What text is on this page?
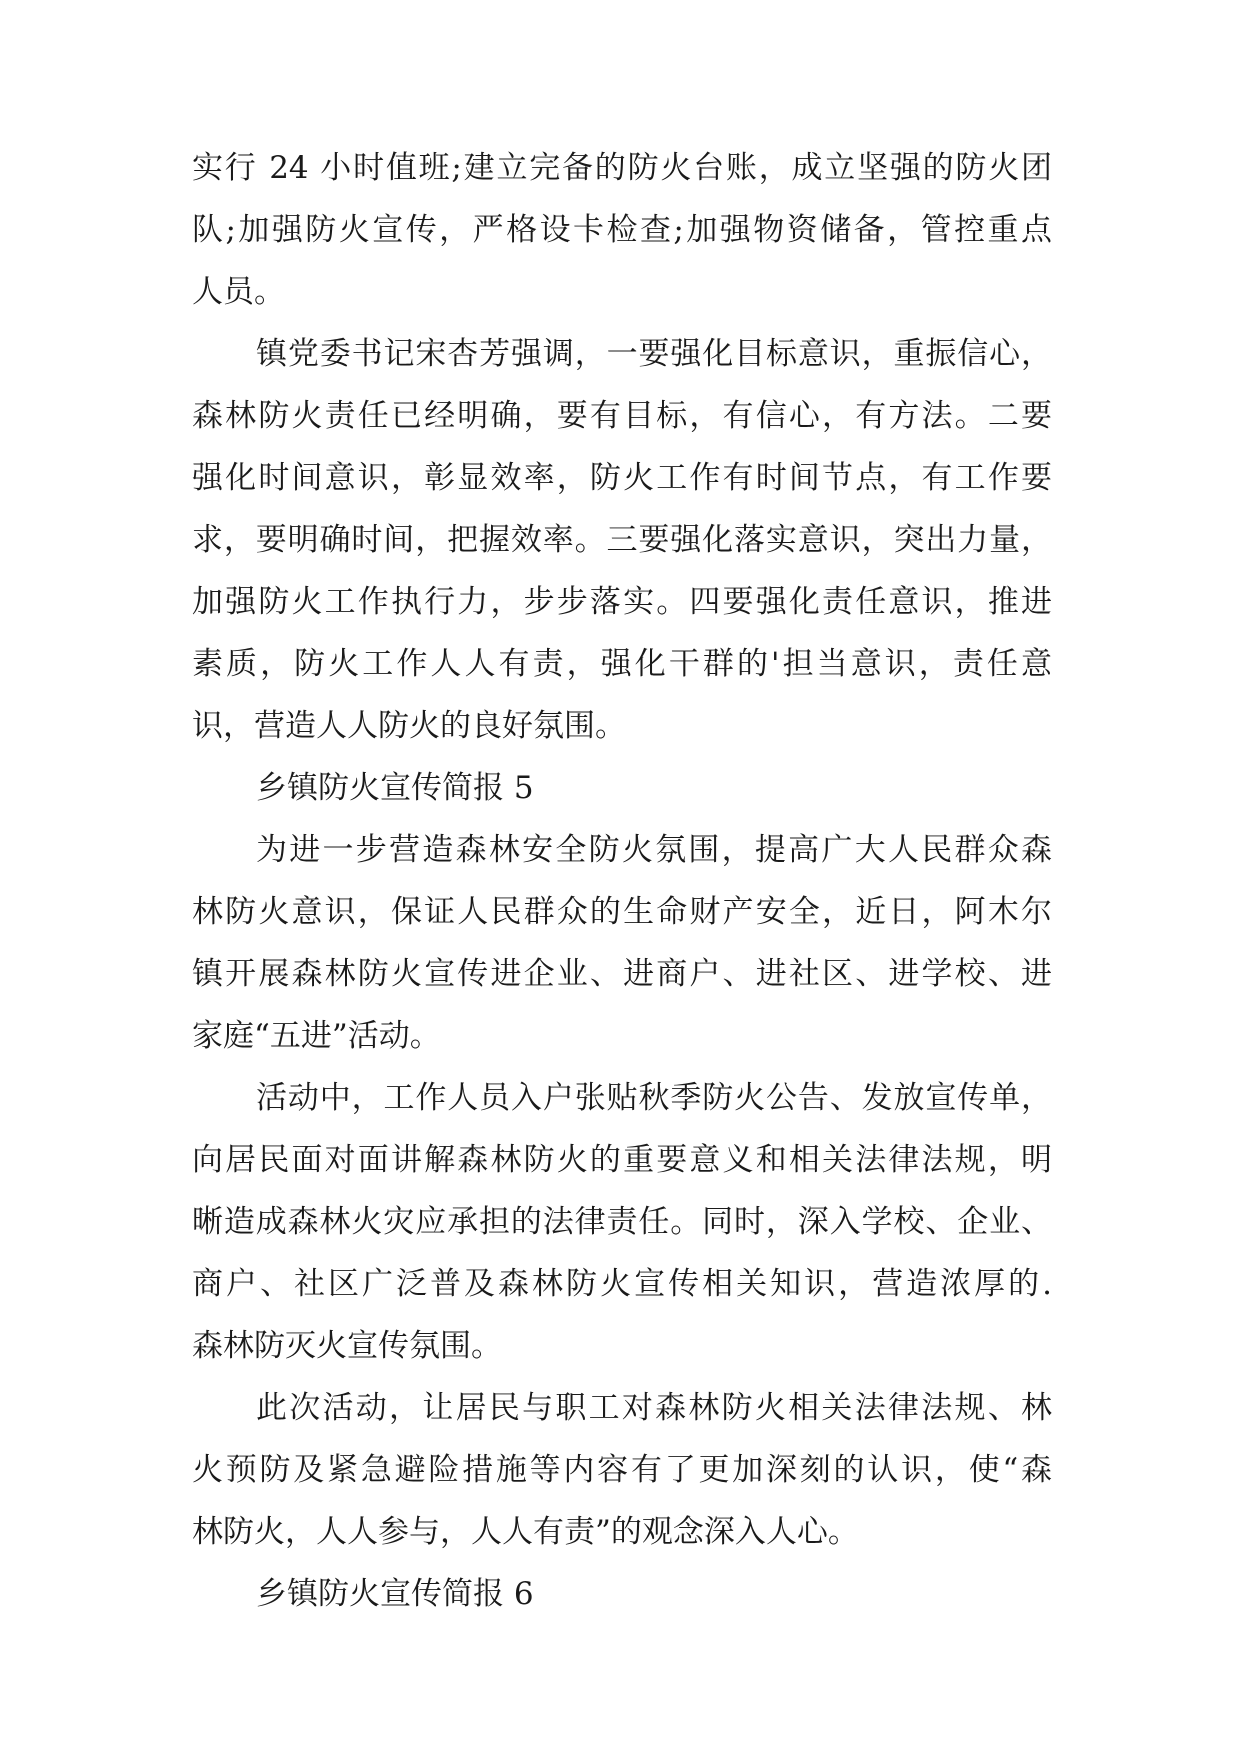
实行 24 小时值班;建立完备的防火台账，成立坚强的防火团
队;加强防火宣传，严格设卡检查;加强物资储备，管控重点
人员。
镇党委书记宋杏芳强调，一要强化目标意识，重振信心，
森林防火责任已经明确，要有目标，有信心，有方法。二要
强化时间意识，彰显效率，防火工作有时间节点，有工作要
求，要明确时间，把握效率。三要强化落实意识，突出力量，
加强防火工作执行力，步步落实。四要强化责任意识，推进
素质，防火工作人人有责，强化干群的'担当意识，责任意
识，营造人人防火的良好氛围。
乡镇防火宣传简报 5
为进一步营造森林安全防火氛围，提高广大人民群众森
林防火意识，保证人民群众的生命财产安全，近日，阿木尔
镇开展森林防火宣传进企业、进商户、进社区、进学校、进
家庭“五进”活动。
活动中，工作人员入户张贴秋季防火公告、发放宣传单，
向居民面对面讲解森林防火的重要意义和相关法律法规，明
晰造成森林火灾应承担的法律责任。同时，深入学校、企业、
商户、社区广泛普及森林防火宣传相关知识，营造浓厚的.
森林防灭火宣传氛围。
此次活动，让居民与职工对森林防火相关法律法规、林
火预防及紧急避险措施等内容有了更加深刻的认识，使“森
林防火，人人参与，人人有责”的观念深入人心。
乡镇防火宣传简报 6
